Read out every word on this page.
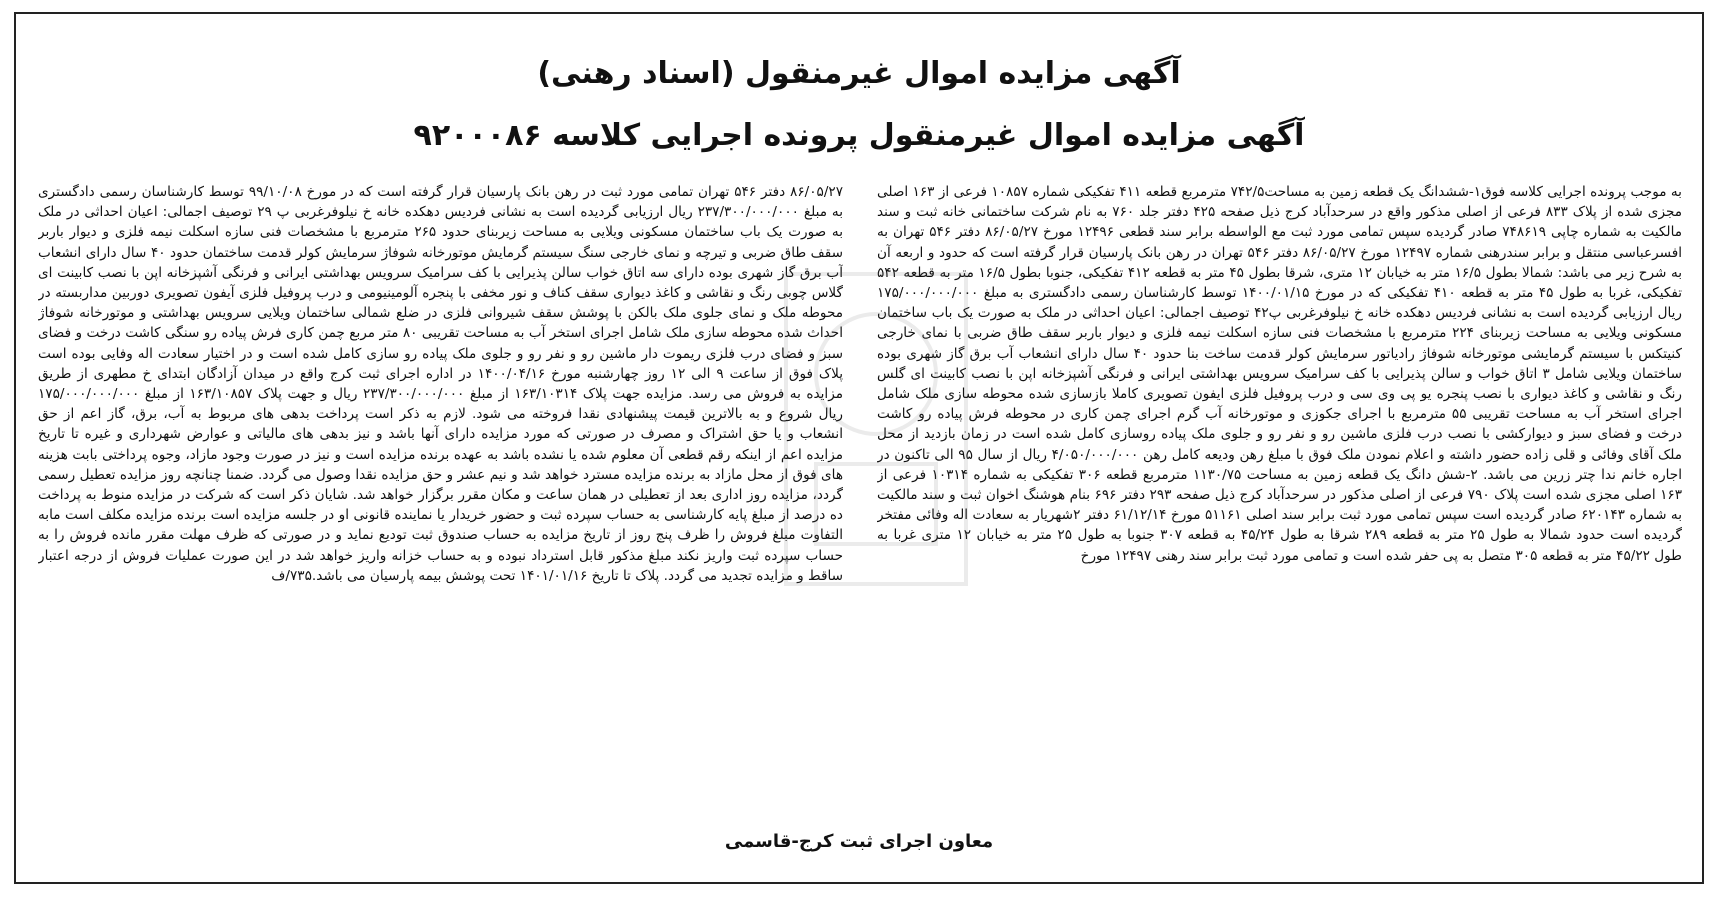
آگهی مزایده اموال غیرمنقول (اسناد رهنی)
آگهی مزایده اموال غیرمنقول پرونده اجرایی کلاسه ۹۲۰۰۰۸۶

به موجب پرونده اجرایی کلاسه فوق۱-ششدانگ یک قطعه زمین به مساحت۷۴۲/۵ مترمربع قطعه ۴۱۱ تفکیکی شماره ۱۰۸۵۷ فرعی از ۱۶۳ اصلی مجزی شده از پلاک ۸۳۳ فرعی از اصلی مذکور واقع در سرحدآباد کرج ذیل صفحه ۴۲۵ دفتر جلد ۷۶۰ به نام شرکت ساختمانی خانه ثبت و سند مالکیت به شماره چاپی ۷۴۸۶۱۹ صادر گردیده سپس تمامی مورد ثبت مع الواسطه برابر سند قطعی ۱۲۴۹۶ مورخ ۸۶/۰۵/۲۷ دفتر ۵۴۶ تهران به افسرعباسی منتقل و برابر سندرهنی شماره ۱۲۴۹۷ مورخ ۸۶/۰۵/۲۷ دفتر ۵۴۶ تهران در رهن بانک پارسیان قرار گرفته است که حدود و اربعه آن به شرح زیر می باشد: شمالا بطول ۱۶/۵ متر به خیابان ۱۲ متری، شرقا بطول ۴۵ متر به قطعه ۴۱۲ تفکیکی، جنوبا بطول ۱۶/۵ متر به قطعه ۵۴۲ تفکیکی، غربا به طول ۴۵ متر به قطعه ۴۱۰ تفکیکی که در مورخ ۱۴۰۰/۰۱/۱۵ توسط کارشناسان رسمی دادگستری به مبلغ ۱۷۵/۰۰۰/۰۰۰/۰۰۰ ریال ارزیابی گردیده است به نشانی فردیس دهکده خانه خ نیلوفرغربی پ۴۲ توصیف اجمالی: اعیان احداثی در ملک به صورت یک باب ساختمان مسکونی ویلایی به مساحت زیربنای ۲۲۴ مترمربع با مشخصات فنی سازه اسکلت نیمه فلزی و دیوار باربر سقف طاق ضربی با نمای خارجی کنیتکس با سیستم گرمایشی موتورخانه شوفاژ رادیاتور سرمایش کولر قدمت ساخت بنا حدود ۴۰ سال دارای انشعاب آب برق گاز شهری بوده ساختمان ویلایی شامل ۳ اتاق خواب و سالن پذیرایی با کف سرامیک سرویس بهداشتی ایرانی و فرنگی آشپزخانه اپن با نصب کابینت ای گلس رنگ و نقاشی و کاغذ دیواری با نصب پنجره یو پی وی سی و درب پروفیل فلزی ایفون تصویری کاملا بازسازی شده محوطه سازی ملک شامل اجرای استخر آب به مساحت تقریبی ۵۵ مترمربع با اجرای جکوزی و موتورخانه آب گرم اجرای چمن کاری در محوطه فرش پیاده رو کاشت درخت و فضای سبز و دیوارکشی با نصب درب فلزی ماشین رو و نفر رو و جلوی ملک پیاده روسازی کامل شده است در زمان بازدید از محل ملک آقای وفائی و قلی زاده حضور داشته و اعلام نمودن ملک فوق با مبلغ رهن ودیعه کامل رهن ۴/۰۵۰/۰۰۰/۰۰۰ ریال از سال ۹۵ الی تاکنون در اجاره خانم ندا چتر زرین می باشد. ۲-شش دانگ یک قطعه زمین به مساحت ۱۱۳۰/۷۵ مترمربع قطعه ۳۰۶ تفکیکی به شماره ۱۰۳۱۴ فرعی از ۱۶۳ اصلی مجزی شده است پلاک ۷۹۰ فرعی از اصلی مذکور در سرحدآباد کرج ذیل صفحه ۲۹۳ دفتر ۶۹۶ بنام هوشنگ اخوان ثبت و سند مالکیت به شماره ۶۲۰۱۴۳ صادر گردیده است سپس تمامی مورد ثبت برابر سند اصلی ۵۱۱۶۱ مورخ ۶۱/۱۲/۱۴ دفتر ۲شهریار به سعادت اله وفائی مفتخر گردیده است حدود شمالا به طول ۲۵ متر به قطعه ۲۸۹ شرقا به طول ۴۵/۲۴ به قطعه ۳۰۷ جنوبا به طول ۲۵ متر به خیابان ۱۲ متری غربا به طول ۴۵/۲۲ متر به قطعه ۳۰۵ متصل به پی حفر شده است و تمامی مورد ثبت برابر سند رهنی ۱۲۴۹۷ مورخ

۸۶/۰۵/۲۷ دفتر ۵۴۶ تهران تمامی مورد ثبت در رهن بانک پارسیان قرار گرفته است که در مورخ ۹۹/۱۰/۰۸ توسط کارشناسان رسمی دادگستری به مبلغ ۲۳۷/۳۰۰/۰۰۰/۰۰۰ ریال ارزیابی گردیده است به نشانی فردیس دهکده خانه خ نیلوفرغربی پ ۲۹ توصیف اجمالی: اعیان احداثی در ملک به صورت یک باب ساختمان مسکونی ویلایی به مساحت زیربنای حدود ۲۶۵ مترمربع با مشخصات فنی سازه اسکلت نیمه فلزی و دیوار باربر سقف طاق ضربی و تیرچه و نمای خارجی سنگ سیستم گرمایش موتورخانه شوفاژ سرمایش کولر قدمت ساختمان حدود ۴۰ سال دارای انشعاب آب برق گاز شهری بوده دارای سه اتاق خواب سالن پذیرایی با کف سرامیک سرویس بهداشتی ایرانی و فرنگی آشپزخانه اپن با نصب کابینت ای گلاس چوبی رنگ و نقاشی و کاغذ دیواری سقف کناف و نور مخفی با پنجره آلومینیومی و درب پروفیل فلزی آیفون تصویری دوربین مداربسته در محوطه ملک و نمای جلوی ملک بالکن با پوشش سقف شیروانی فلزی در ضلع شمالی ساختمان ویلایی سرویس بهداشتی و موتورخانه شوفاژ احداث شده محوطه سازی ملک شامل اجرای استخر آب به مساحت تقریبی ۸۰ متر مربع چمن کاری فرش پیاده رو سنگی کاشت درخت و فضای سبز و فضای درب فلزی ریموت دار ماشین رو و نفر رو و جلوی ملک پیاده رو سازی کامل شده است و در اختیار سعادت اله وفایی بوده است پلاک فوق از ساعت ۹ الی ۱۲ روز چهارشنبه مورخ ۱۴۰۰/۰۴/۱۶ در اداره اجرای ثبت کرج واقع در میدان آزادگان ابتدای خ مطهری از طریق مزایده به فروش می رسد. مزایده جهت پلاک ۱۶۳/۱۰۳۱۴ از مبلغ ۲۳۷/۳۰۰/۰۰۰/۰۰۰ ریال و جهت پلاک ۱۶۳/۱۰۸۵۷ از مبلغ ۱۷۵/۰۰۰/۰۰۰/۰۰۰ ریال شروع و به بالاترین قیمت پیشنهادی نقدا فروخته می شود. لازم به ذکر است پرداخت بدهی های مربوط به آب، برق، گاز اعم از حق انشعاب و یا حق اشتراک و مصرف در صورتی که مورد مزایده دارای آنها باشد و نیز بدهی های مالیاتی و عوارض شهرداری و غیره تا تاریخ مزایده اعم از اینکه رقم قطعی آن معلوم شده یا نشده باشد به عهده برنده مزایده است و نیز در صورت وجود مازاد، وجوه پرداختی بابت هزینه های فوق از محل مازاد به برنده مزایده مسترد خواهد شد و نیم عشر و حق مزایده نقدا وصول می گردد. ضمنا چنانچه روز مزایده تعطیل رسمی گردد، مزایده روز اداری بعد از تعطیلی در همان ساعت و مکان مقرر برگزار خواهد شد. شایان ذکر است که شرکت در مزایده منوط به پرداخت ده درصد از مبلغ پایه کارشناسی به حساب سپرده ثبت و حضور خریدار یا نماینده قانونی او در جلسه مزایده است برنده مزایده مکلف است مابه التفاوت مبلغ فروش را ظرف پنج روز از تاریخ مزایده به حساب صندوق ثبت تودیع نماید و در صورتی که ظرف مهلت مقرر مانده فروش را به حساب سپرده ثبت واریز نکند مبلغ مذکور قابل استرداد نبوده و به حساب خزانه واریز خواهد شد در این صورت عملیات فروش از درجه اعتبار ساقط و مزایده تجدید می گردد. پلاک تا تاریخ ۱۴۰۱/۰۱/۱۶ تحت پوشش بیمه پارسیان می باشد.۷۳۵/ف

معاون اجرای ثبت کرج-قاسمی
